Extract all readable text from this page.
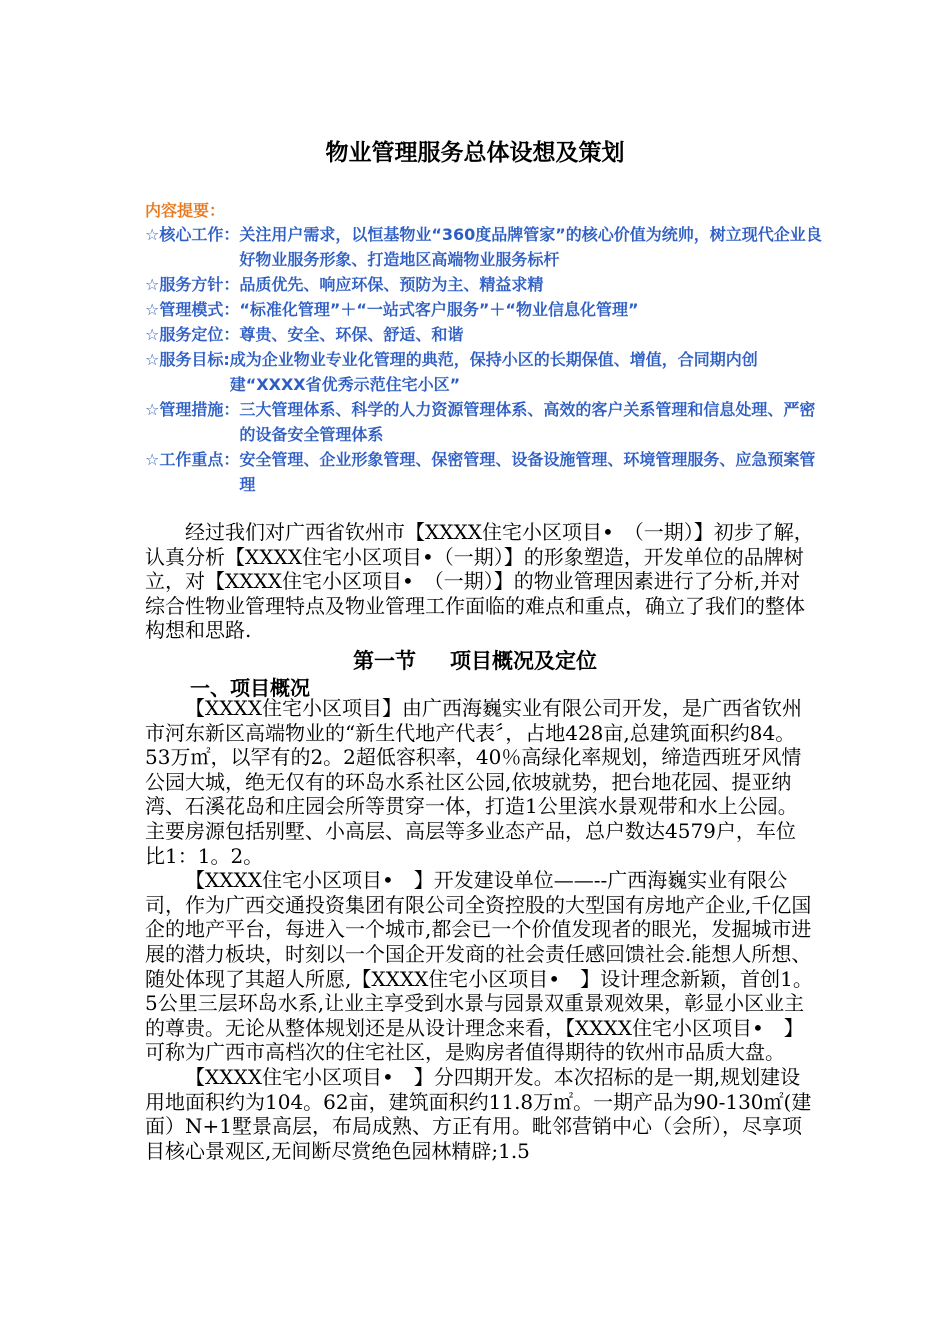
物业管理服务总体设想及策划
内容提要：
☆核心工作： 关注用户需求，以恒基物业“360度品牌管家”的核心价值为统帅，树立现代企业良好物业服务形象、打造地区高端物业服务标杆
☆服务方针： 品质优先、响应环保、预防为主、精益求精
☆管理模式： “标准化管理”＋“一站式客户服务”＋“物业信息化管理”
☆服务定位： 尊贵、安全、环保、舒适、和谐
☆服务目标: 成为企业物业专业化管理的典范，保持小区的长期保值、增值，合同期内创建“XXXX省优秀示范住宅小区”
☆管理措施： 三大管理体系、科学的人力资源管理体系、高效的客户关系管理和信息处理、严密的设备安全管理体系
☆工作重点： 安全管理、企业形象管理、保密管理、设备设施管理、环境管理服务、应急预案管理

经过我们对广西省钦州市【XXXX住宅小区项目•　（一期）】初步了解，认真分析【XXXX住宅小区项目•（一期）】的形象塑造，开发单位的品牌树立，对【XXXX住宅小区项目•　（一期）】的物业管理因素进行了分析,并对综合性物业管理特点及物业管理工作面临的难点和重点，确立了我们的整体构想和思路.

第一节 项目概况及定位
一、项目概况

【XXXX住宅小区项目】由广西海巍实业有限公司开发，是广西省钦州市河东新区高端物业的“新生代地产代表〞，占地428亩,总建筑面积约84。53万㎡，以罕有的2。2超低容积率，40％高绿化率规划，缔造西班牙风情公园大城，绝无仅有的环岛水系社区公园,依坡就势，把台地花园、提亚纳湾、石溪花岛和庄园会所等贯穿一体，打造1公里滨水景观带和水上公园。主要房源包括别墅、小高层、高层等多业态产品，总户数达4579户，车位比1：1。2。

【XXXX住宅小区项目•　】开发建设单位——--广西海巍实业有限公司，作为广西交通投资集团有限公司全资控股的大型国有房地产企业,千亿国企的地产平台，每进入一个城市,都会已一个价值发现者的眼光，发掘城市进展的潜力板块，时刻以一个国企开发商的社会责任感回馈社会.能想人所想、随处体现了其超人所愿,【XXXX住宅小区项目•　】设计理念新颖，首创1。5公里三层环岛水系,让业主享受到水景与园景双重景观效果，彰显小区业主的尊贵。无论从整体规划还是从设计理念来看，【XXXX住宅小区项目•　】可称为广西市高档次的住宅社区，是购房者值得期待的钦州市品质大盘。

【XXXX住宅小区项目•　】分四期开发。本次招标的是一期,规划建设用地面积约为104。62亩，建筑面积约11.8万㎡。一期产品为90-130㎡(建面）N+1墅景高层，布局成熟、方正有用。毗邻营销中心（会所），尽享项目核心景观区,无间断尽赏绝色园林精辟;1.5
